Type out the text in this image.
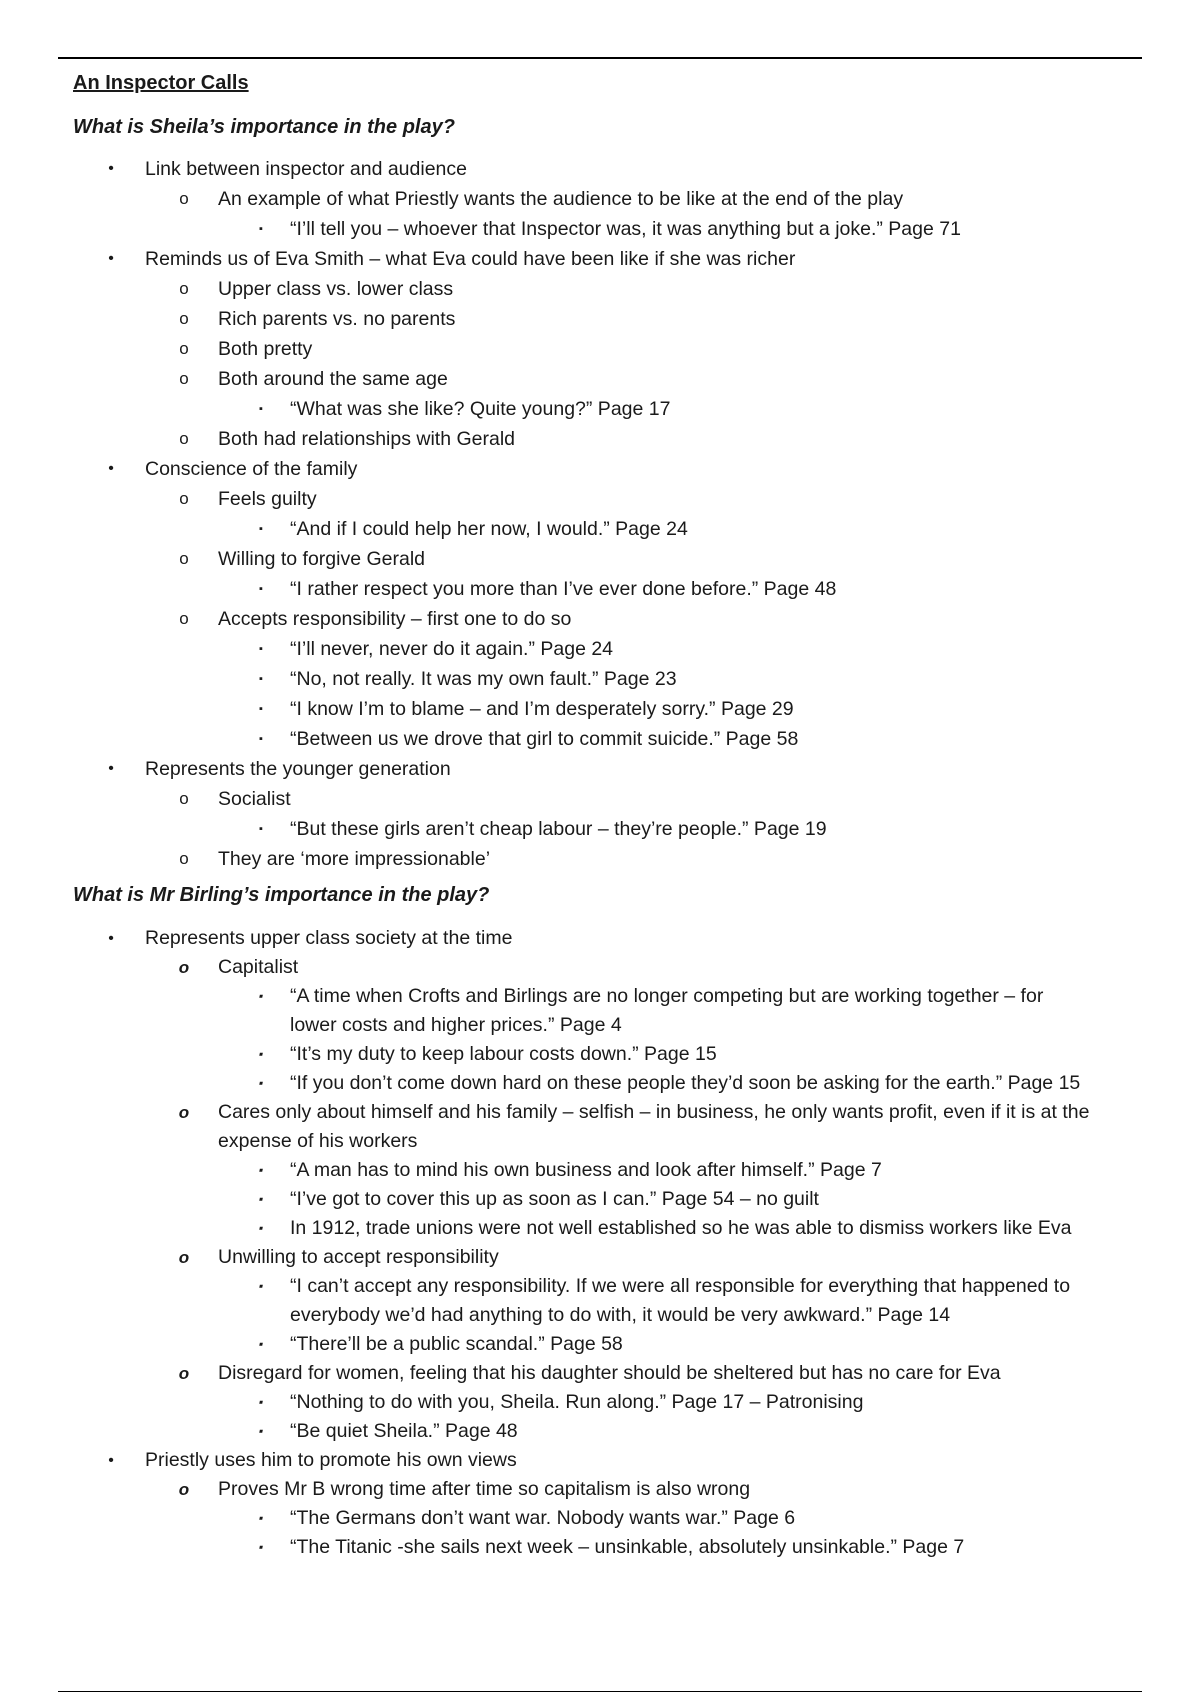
An Inspector Calls

What is Sheila’s importance in the play?

•	Link between inspector and audience
o An example of what Priestly wants the audience to be like at the end of the play
▪	“I’ll tell you – whoever that Inspector was, it was anything but a joke.” Page 71
•	Reminds us of Eva Smith – what Eva could have been like if she was richer
o Upper class vs. lower class
o Rich parents vs. no parents
o Both pretty
o Both around the same age
▪	“What was she like? Quite young?” Page 17
o Both had relationships with Gerald
•	Conscience of the family
o Feels guilty
▪	“And if I could help her now, I would.” Page 24
o Willing to forgive Gerald
▪	“I rather respect you more than I’ve ever done before.” Page 48
o Accepts responsibility – first one to do so
▪	“I’ll never, never do it again.” Page 24
▪	“No, not really. It was my own fault.” Page 23
▪	“I know I’m to blame – and I’m desperately sorry.” Page 29
▪	“Between us we drove that girl to commit suicide.” Page 58
•	Represents the younger generation
o Socialist
▪	“But these girls aren’t cheap labour – they’re people.” Page 19
o They are ‘more impressionable’

What is Mr Birling’s importance in the play?

•	Represents upper class society at the time
o Capitalist
▪	“A time when Crofts and Birlings are no longer competing but are working together – for
lower costs and higher prices.” Page 4
▪	“It’s my duty to keep labour costs down.” Page 15
▪	“If you don’t come down hard on these people they’d soon be asking for the earth.” Page 15
o Cares only about himself and his family – selfish – in business, he only wants profit, even if it is at the
expense of his workers
▪	“A man has to mind his own business and look after himself.” Page 7
▪	“I’ve got to cover this up as soon as I can.” Page 54 – no guilt
▪	In 1912, trade unions were not well established so he was able to dismiss workers like Eva
o Unwilling to accept responsibility
▪	“I can’t accept any responsibility. If we were all responsible for everything that happened to
everybody we’d had anything to do with, it would be very awkward.” Page 14
▪	“There’ll be a public scandal.” Page 58
o Disregard for women, feeling that his daughter should be sheltered but has no care for Eva
▪	“Nothing to do with you, Sheila. Run along.” Page 17 – Patronising
▪	“Be quiet Sheila.” Page 48
•	Priestly uses him to promote his own views
o Proves Mr B wrong time after time so capitalism is also wrong
▪	“The Germans don’t want war. Nobody wants war.” Page 6
▪	“The Titanic -she sails next week – unsinkable, absolutely unsinkable.” Page 7
